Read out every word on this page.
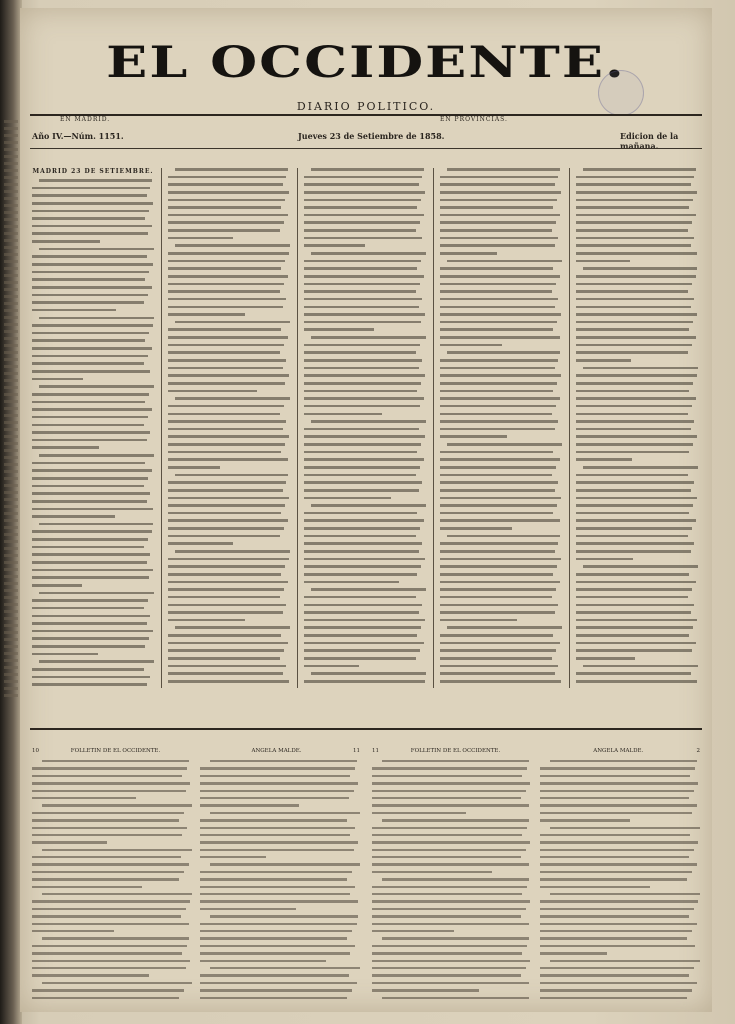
EL OCCIDENTE.
DIARIO POLITICO.
EN MADRID.	EN PROVINCIAS.
Año IV.—Núm. 1151.	Jueves 23 de Setiembre de 1858.	Edicion de la mañana.
MADRID 23 DE SETIEMBRE.
10	FOLLETIN DE EL OCCIDENTE.	ANGELA MALDE.	11 11	FOLLETIN DE EL OCCIDENTE.	ANGELA MALDE.	2
